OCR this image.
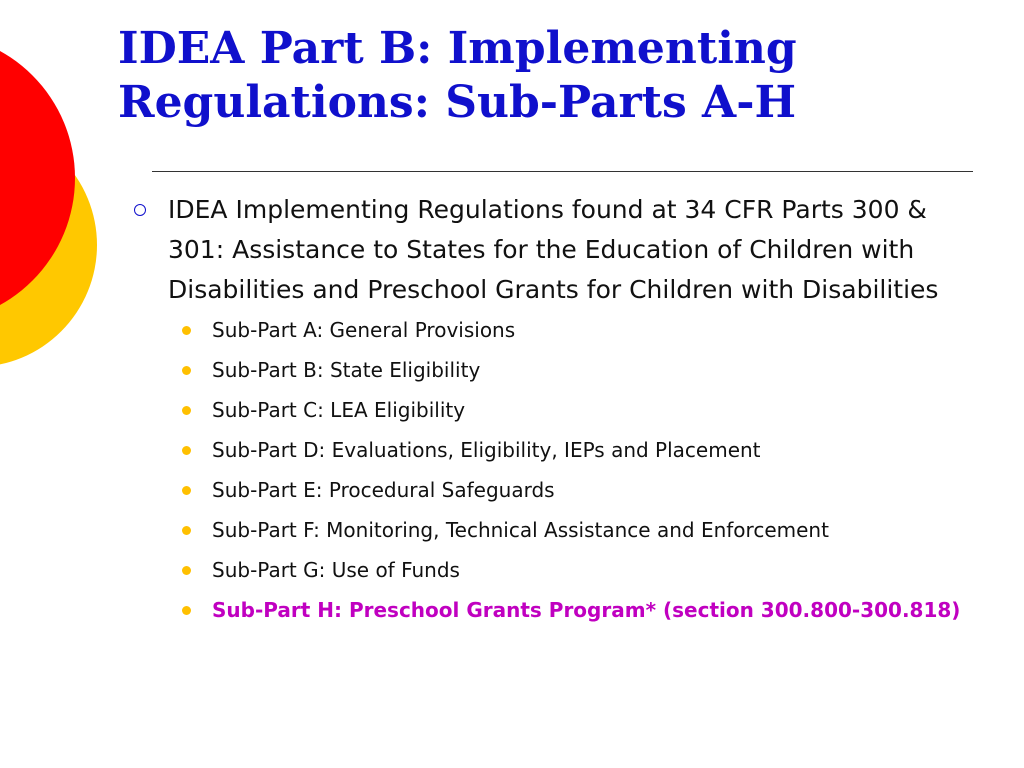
IDEA Part B: Implementing Regulations: Sub-Parts A-H
IDEA Implementing Regulations found at 34 CFR Parts 300 & 301: Assistance to States for the Education of Children with Disabilities and Preschool Grants for Children with Disabilities
Sub-Part A: General Provisions
Sub-Part B: State Eligibility
Sub-Part C: LEA Eligibility
Sub-Part D: Evaluations, Eligibility, IEPs and Placement
Sub-Part E: Procedural Safeguards
Sub-Part F: Monitoring, Technical Assistance and Enforcement
Sub-Part G: Use of Funds
Sub-Part H: Preschool Grants Program* (section 300.800-300.818)
